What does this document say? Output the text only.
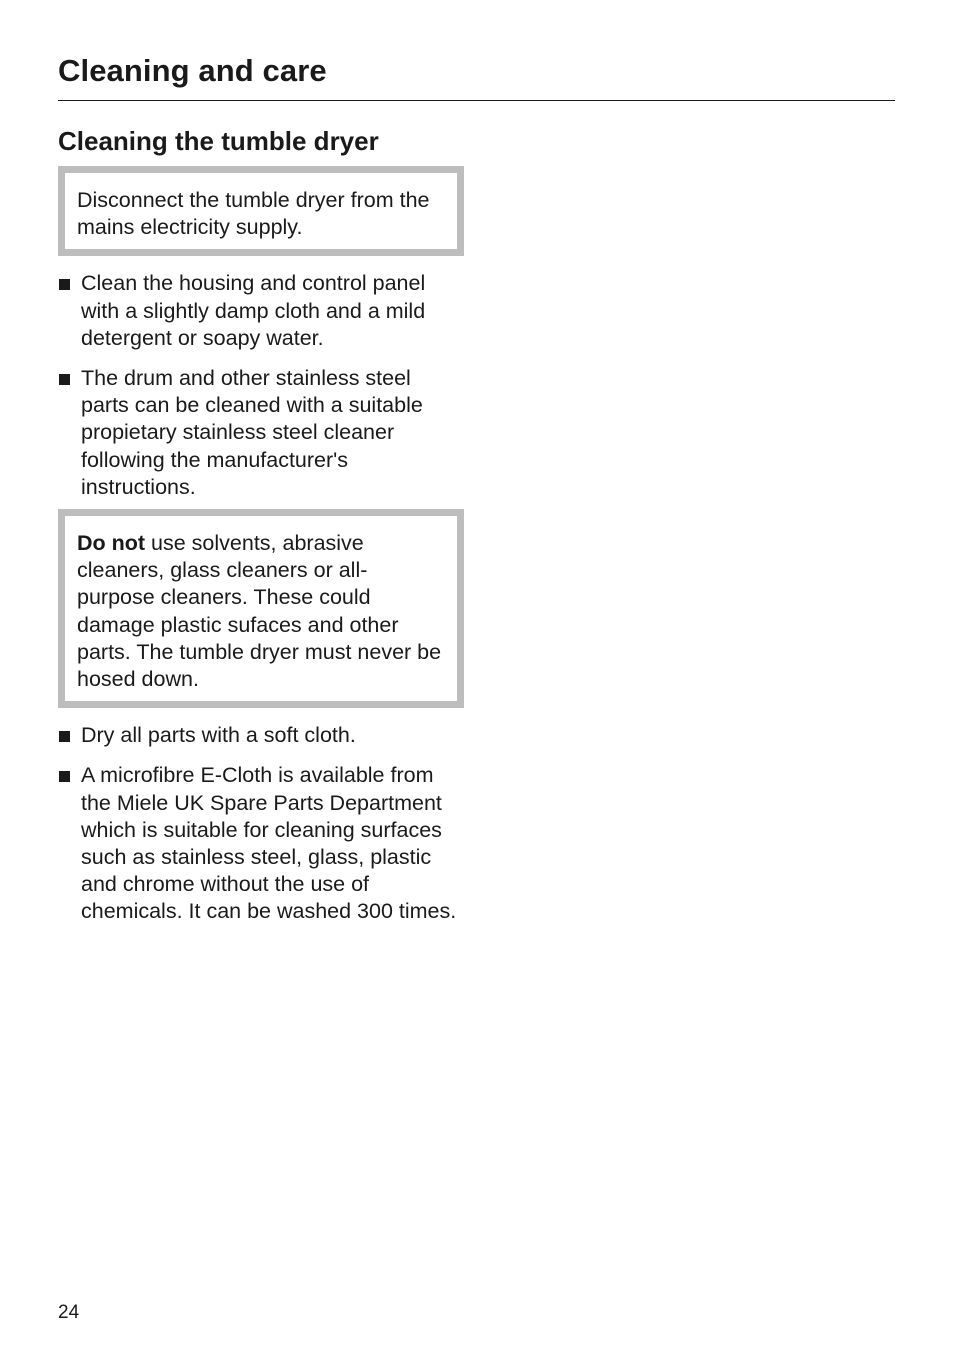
Cleaning and care
Cleaning the tumble dryer
Disconnect the tumble dryer from the mains electricity supply.
Clean the housing and control panel with a slightly damp cloth and a mild detergent or soapy water.
The drum and other stainless steel parts can be cleaned with a suitable propietary stainless steel cleaner following the manufacturer's instructions.
Do not use solvents, abrasive cleaners, glass cleaners or all-purpose cleaners. These could damage plastic sufaces and other parts. The tumble dryer must never be hosed down.
Dry all parts with a soft cloth.
A microfibre E-Cloth is available from the Miele UK Spare Parts Department which is suitable for cleaning surfaces such as stainless steel, glass, plastic and chrome without the use of chemicals. It can be washed 300 times.
24
